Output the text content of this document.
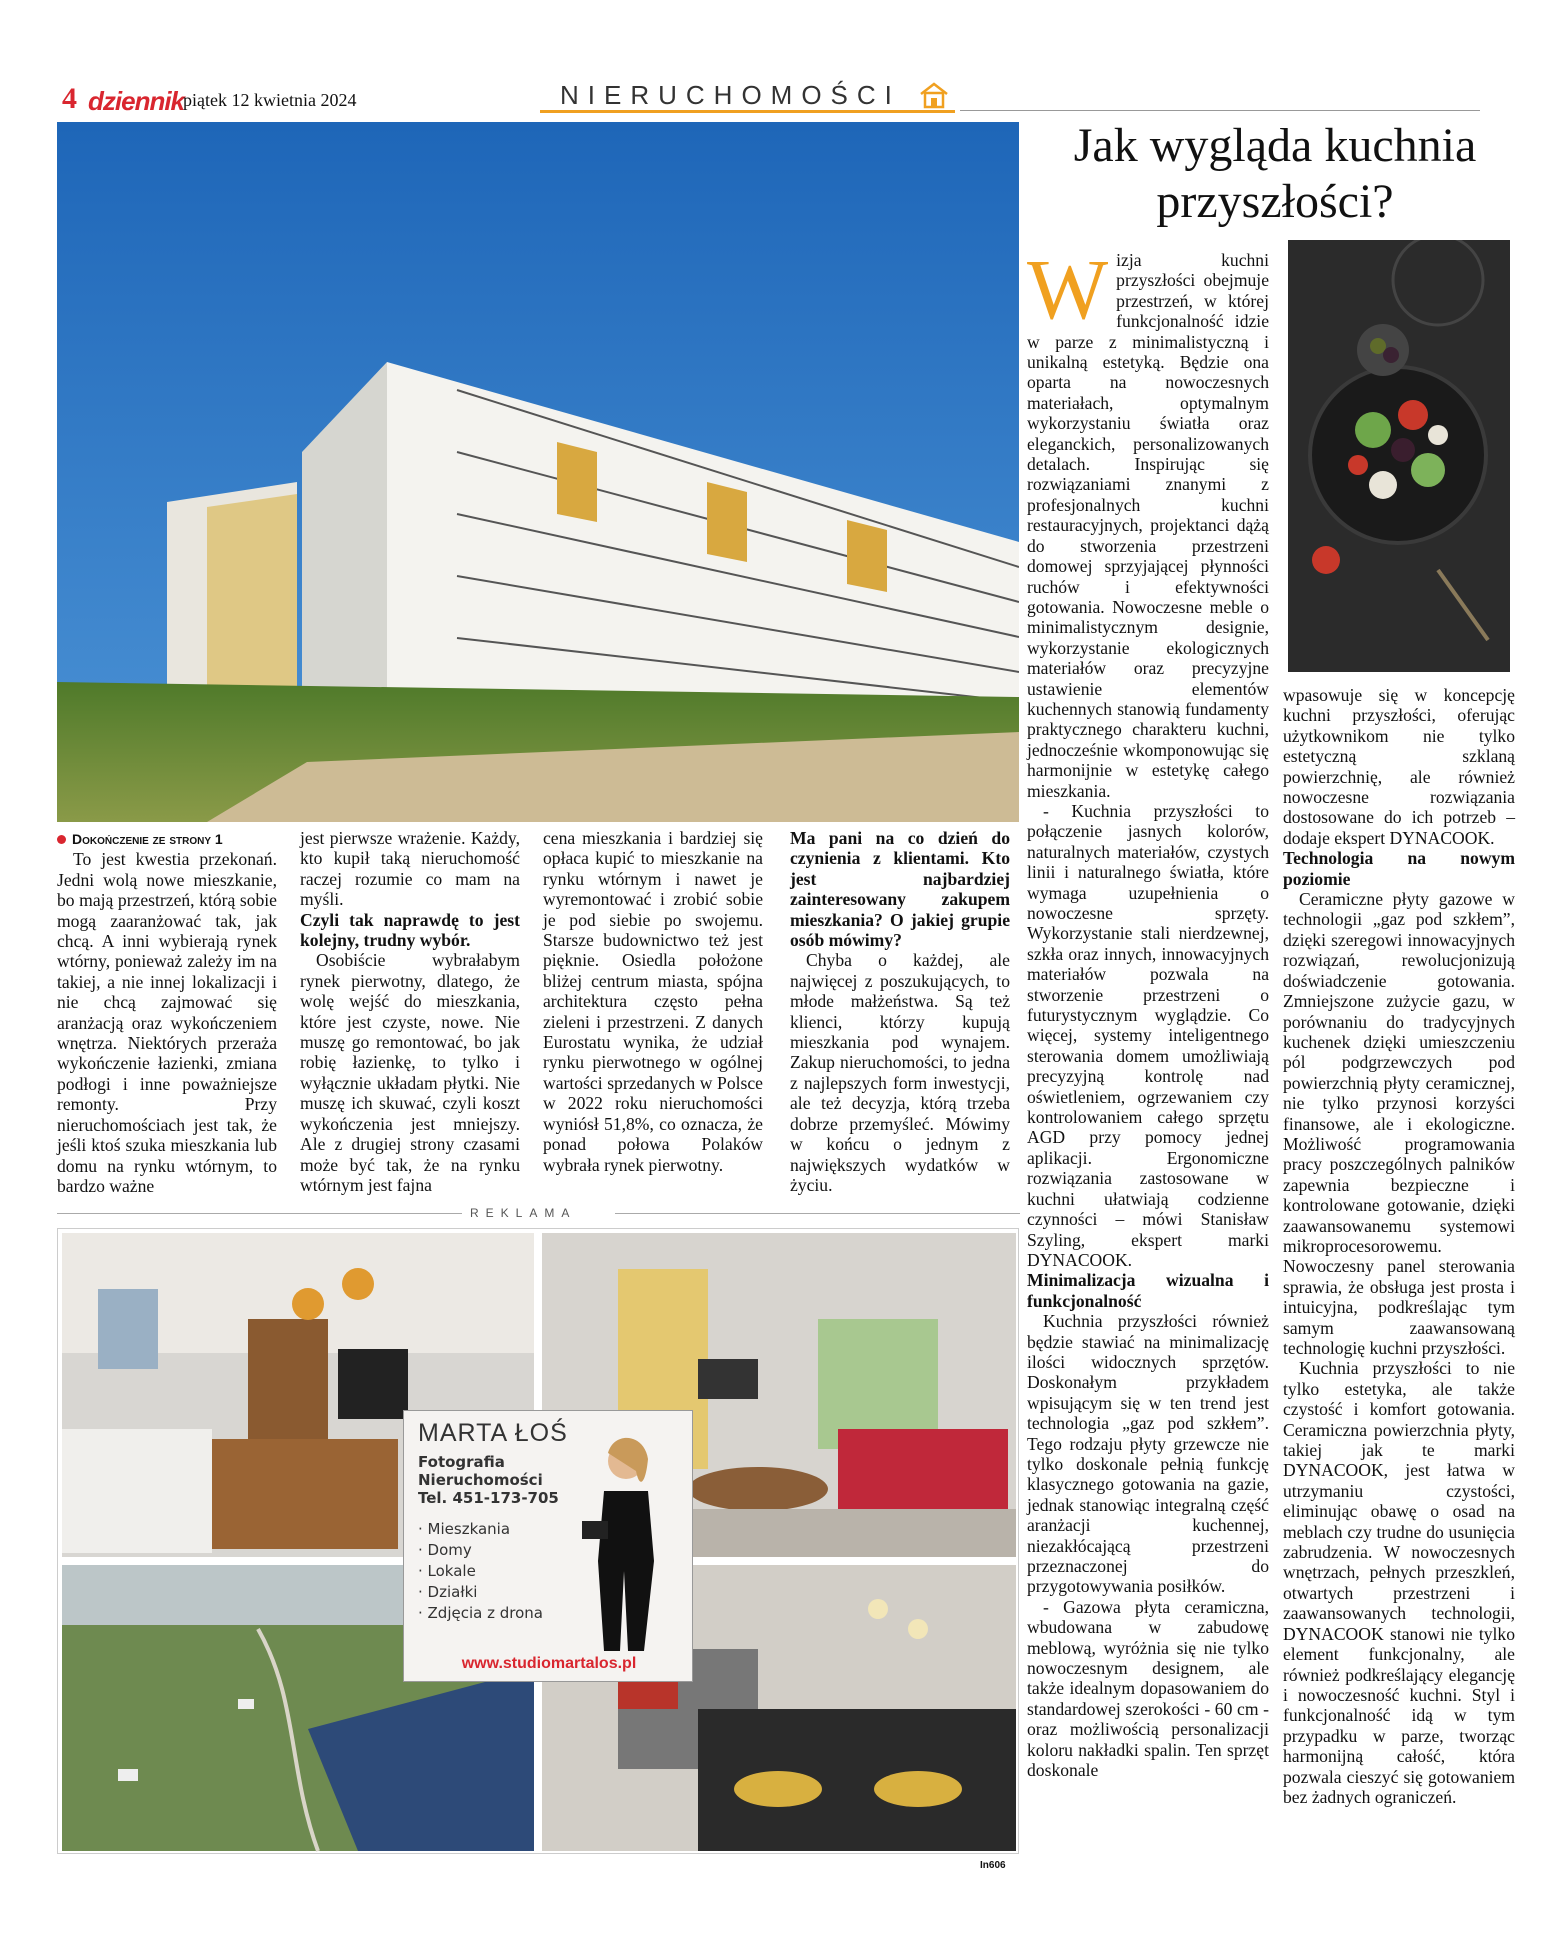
4 dziennik
piątek 12 kwietnia 2024	NIERUCHOMOŚCI
Jak wygląda kuchnia przyszłości?

Wizja kuchni przyszłości obejmuje przestrzeń, w której funkcjonalność idzie w parze z minimalistyczną i unikalną estetyką. Będzie ona oparta na nowoczesnych materiałach, optymalnym wykorzystaniu światła oraz eleganckich, personalizowanych detalach. Inspirując się rozwiązaniami znanymi z profesjonalnych kuchni restauracyjnych, projektanci dążą do stworzenia przestrzeni domowej sprzyjającej płynności ruchów i efektywności gotowania. Nowoczesne meble o minimalistycznym designie, wykorzystanie ekologicznych materiałów oraz precyzyjne ustawienie elementów kuchennych stanowią fundamenty praktycznego charakteru kuchni, jednocześnie wkomponowując się harmonijnie w estetykę całego mieszkania.

- Kuchnia przyszłości to połączenie jasnych kolorów, naturalnych materiałów, czystych linii i naturalnego światła, które wymaga uzupełnienia o nowoczesne sprzęty. Wykorzystanie stali nierdzewnej, szkła oraz innych, innowacyjnych materiałów pozwala na stworzenie przestrzeni o futurystycznym wyglądzie. Co więcej, systemy inteligentnego sterowania domem umożliwiają precyzyjną kontrolę nad oświetleniem, ogrzewaniem czy kontrolowaniem całego sprzętu AGD przy pomocy jednej aplikacji. Ergonomiczne rozwiązania zastosowane w kuchni ułatwiają codzienne czynności – mówi Stanisław Szyling, ekspert marki DYNACOOK.

Minimalizacja wizualna i funkcjonalność

Kuchnia przyszłości również będzie stawiać na minimalizację ilości widocznych sprzętów. Doskonałym przykładem wpisującym się w ten trend jest technologia „gaz pod szkłem”. Tego rodzaju płyty grzewcze nie tylko doskonale pełnią funkcję klasycznego gotowania na gazie, jednak stanowiąc integralną część aranżacji kuchennej, niezakłócającą przestrzeni przeznaczonej do przygotowywania posiłków.

- Gazowa płyta ceramiczna, wbudowana w zabudowę meblową, wyróżnia się nie tylko nowoczesnym designem, ale także idealnym dopasowaniem do standardowej szerokości - 60 cm - oraz możliwością personalizacji koloru nakładki spalin. Ten sprzęt doskonale

wpasowuje się w koncepcję kuchni przyszłości, oferując użytkownikom nie tylko estetyczną szklaną powierzchnię, ale również nowoczesne rozwiązania dostosowane do ich potrzeb – dodaje ekspert DYNACOOK.

Technologia na nowym poziomie

Ceramiczne płyty gazowe w technologii „gaz pod szkłem”, dzięki szeregowi innowacyjnych rozwiązań, rewolucjonizują doświadczenie gotowania. Zmniejszone zużycie gazu, w porównaniu do tradycyjnych kuchenek dzięki umieszczeniu pól podgrzewczych pod powierzchnią płyty ceramicznej, nie tylko przynosi korzyści finansowe, ale i ekologiczne. Możliwość programowania pracy poszczególnych palników zapewnia bezpieczne i kontrolowane gotowanie, dzięki zaawansowanemu systemowi mikroprocesorowemu. Nowoczesny panel sterowania sprawia, że obsługa jest prosta i intuicyjna, podkreślając tym samym zaawansowaną technologię kuchni przyszłości.

Kuchnia przyszłości to nie tylko estetyka, ale także czystość i komfort gotowania. Ceramiczna powierzchnia płyty, takiej jak te marki DYNACOOK, jest łatwa w utrzymaniu czystości, eliminując obawę o osad na meblach czy trudne do usunięcia zabrudzenia. W nowoczesnych wnętrzach, pełnych przeszkleń, otwartych przestrzeni i zaawansowanych technologii, DYNACOOK stanowi nie tylko element funkcjonalny, ale również podkreślający elegancję i nowoczesność kuchni. Styl i funkcjonalność idą w tym przypadku w parze, tworząc harmonijną całość, która pozwala cieszyć się gotowaniem bez żadnych ograniczeń.

Dokończenie ze strony 1

To jest kwestia przekonań. Jedni wolą nowe mieszkanie, bo mają przestrzeń, którą sobie mogą zaaranżować tak, jak chcą. A inni wybierają rynek wtórny, ponieważ zależy im na takiej, a nie innej lokalizacji i nie chcą zajmować się aranżacją oraz wykończeniem wnętrza. Niektórych przeraża wykończenie łazienki, zmiana podłogi i inne poważniejsze remonty. Przy nieruchomościach jest tak, że jeśli ktoś szuka mieszkania lub domu na rynku wtórnym, to bardzo ważne

jest pierwsze wrażenie. Każdy, kto kupił taką nieruchomość raczej rozumie co mam na myśli.

Czyli tak naprawdę to jest kolejny, trudny wybór.

Osobiście wybrałabym rynek pierwotny, dlatego, że wolę wejść do mieszkania, które jest czyste, nowe. Nie muszę go remontować, bo jak robię łazienkę, to tylko i wyłącznie układam płytki. Nie muszę ich skuwać, czyli koszt wykończenia jest mniejszy. Ale z drugiej strony czasami może być tak, że na rynku wtórnym jest fajna

cena mieszkania i bardziej się opłaca kupić to mieszkanie na rynku wtórnym i nawet je wyremontować i zrobić sobie je pod siebie po swojemu. Starsze budownictwo też jest pięknie. Osiedla położone bliżej centrum miasta, spójna architektura często pełna zieleni i przestrzeni. Z danych Eurostatu wynika, że udział rynku pierwotnego w ogólnej wartości sprzedanych w Polsce w 2022 roku nieruchomości wyniósł 51,8%, co oznacza, że ponad połowa Polaków wybrała rynek pierwotny.

Ma pani na co dzień do czynienia z klientami. Kto jest najbardziej zainteresowany zakupem mieszkania? O jakiej grupie osób mówimy?

Chyba o każdej, ale najwięcej z poszukujących, to młode małżeństwa. Są też klienci, którzy kupują mieszkania pod wynajem. Zakup nieruchomości, to jedna z najlepszych form inwestycji, ale też decyzja, którą trzeba dobrze przemyśleć. Mówimy w końcu o jednym z największych wydatków w życiu.

REKLAMA
MARTA ŁOŚ
Fotografia
Nieruchomości
Tel. 451-173-705
· Mieszkania
· Domy
· Lokale
· Działki
· Zdjęcia z drona
www.studiomartalos.pl
In606
